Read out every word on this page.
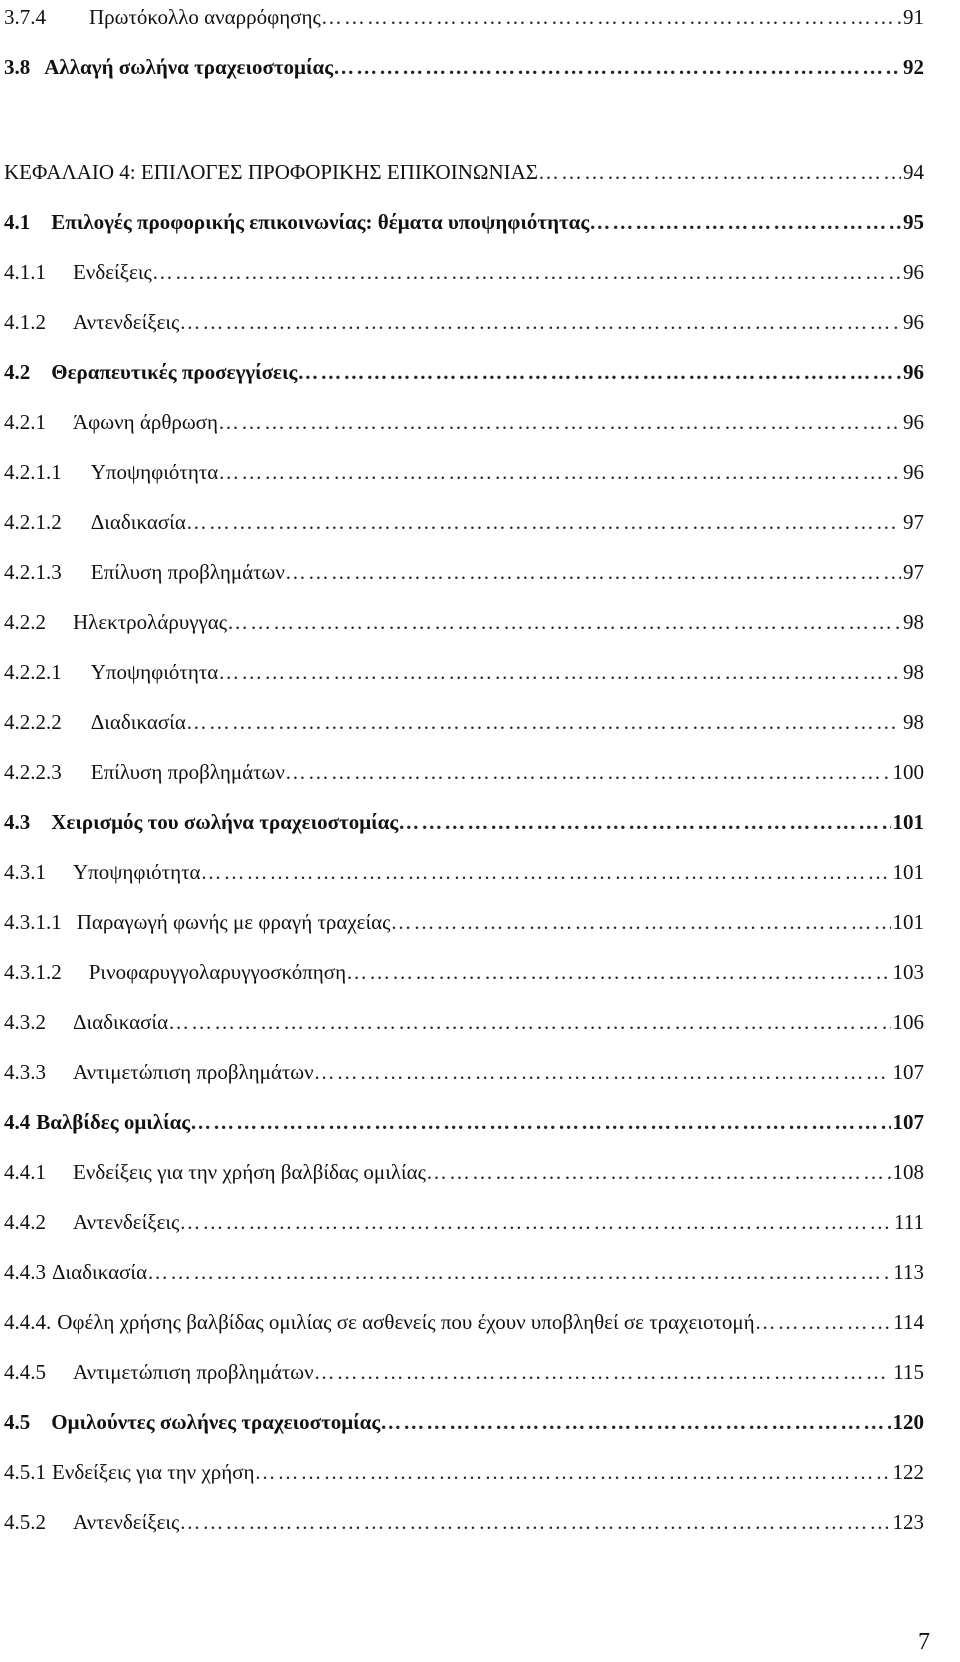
3.7.4 Πρωτόκολλο αναρρόφησης ……………………………………………………………………………………………………………………………………………………………………………	91
3.8 Αλλαγή σωλήνα τραχειοστομίας ……………………………………………………………………………………………………………………………………………………………………………	92
ΚΕΦΑΛΑΙΟ 4: ΕΠΙΛΟΓΕΣ ΠΡΟΦΟΡΙΚΗΣ ΕΠΙΚΟΙΝΩΝΙΑΣ ……………………………………………………………………………………………………………………………………………………………………………	94
4.1 Επιλογές προφορικής επικοινωνίας: θέματα υποψηφιότητας ……………………………………………………………………………………………………………………………………………………………………………	95
4.1.1 Ενδείξεις ……………………………………………………………………………………………………………………………………………………………………………	96
4.1.2 Αντενδείξεις ……………………………………………………………………………………………………………………………………………………………………………	96
4.2 Θεραπευτικές προσεγγίσεις ……………………………………………………………………………………………………………………………………………………………………………	96
4.2.1 Άφωνη άρθρωση ……………………………………………………………………………………………………………………………………………………………………………	96
4.2.1.1 Υποψηφιότητα ……………………………………………………………………………………………………………………………………………………………………………	96
4.2.1.2 Διαδικασία ……………………………………………………………………………………………………………………………………………………………………………	97
4.2.1.3 Επίλυση προβλημάτων ……………………………………………………………………………………………………………………………………………………………………………	97
4.2.2 Ηλεκτρολάρυγγας ……………………………………………………………………………………………………………………………………………………………………………	98
4.2.2.1 Υποψηφιότητα ……………………………………………………………………………………………………………………………………………………………………………	98
4.2.2.2 Διαδικασία ……………………………………………………………………………………………………………………………………………………………………………	98
4.2.2.3 Επίλυση προβλημάτων ……………………………………………………………………………………………………………………………………………………………………………	100
4.3 Χειρισμός του σωλήνα τραχειοστομίας ……………………………………………………………………………………………………………………………………………………………………………	101
4.3.1 Υποψηφιότητα ……………………………………………………………………………………………………………………………………………………………………………	101
4.3.1.1 Παραγωγή φωνής με φραγή τραχείας ……………………………………………………………………………………………………………………………………………………………………………	101
4.3.1.2 Ρινοφαρυγγολαρυγγοσκόπηση ……………………………………………………………………………………………………………………………………………………………………………	103
4.3.2 Διαδικασία ……………………………………………………………………………………………………………………………………………………………………………	106
4.3.3 Αντιμετώπιση προβλημάτων ……………………………………………………………………………………………………………………………………………………………………………	107
4.4 Βαλβίδες ομιλίας ……………………………………………………………………………………………………………………………………………………………………………	107
4.4.1 Ενδείξεις για την χρήση βαλβίδας ομιλίας ……………………………………………………………………………………………………………………………………………………………………………	108
4.4.2 Αντενδείξεις ……………………………………………………………………………………………………………………………………………………………………………	111
4.4.3 Διαδικασία ……………………………………………………………………………………………………………………………………………………………………………	113
4.4.4. Οφέλη χρήσης βαλβίδας ομιλίας σε ασθενείς που έχουν υποβληθεί σε τραχειοτομή ……………………………………………………………………………………………………………………………………………………………………………	114
4.4.5 Αντιμετώπιση προβλημάτων ……………………………………………………………………………………………………………………………………………………………………………	115
4.5 Ομιλούντες σωλήνες τραχειοστομίας ……………………………………………………………………………………………………………………………………………………………………………	120
4.5.1 Ενδείξεις για την χρήση ……………………………………………………………………………………………………………………………………………………………………………	122
4.5.2 Αντενδείξεις ……………………………………………………………………………………………………………………………………………………………………………	123
7
